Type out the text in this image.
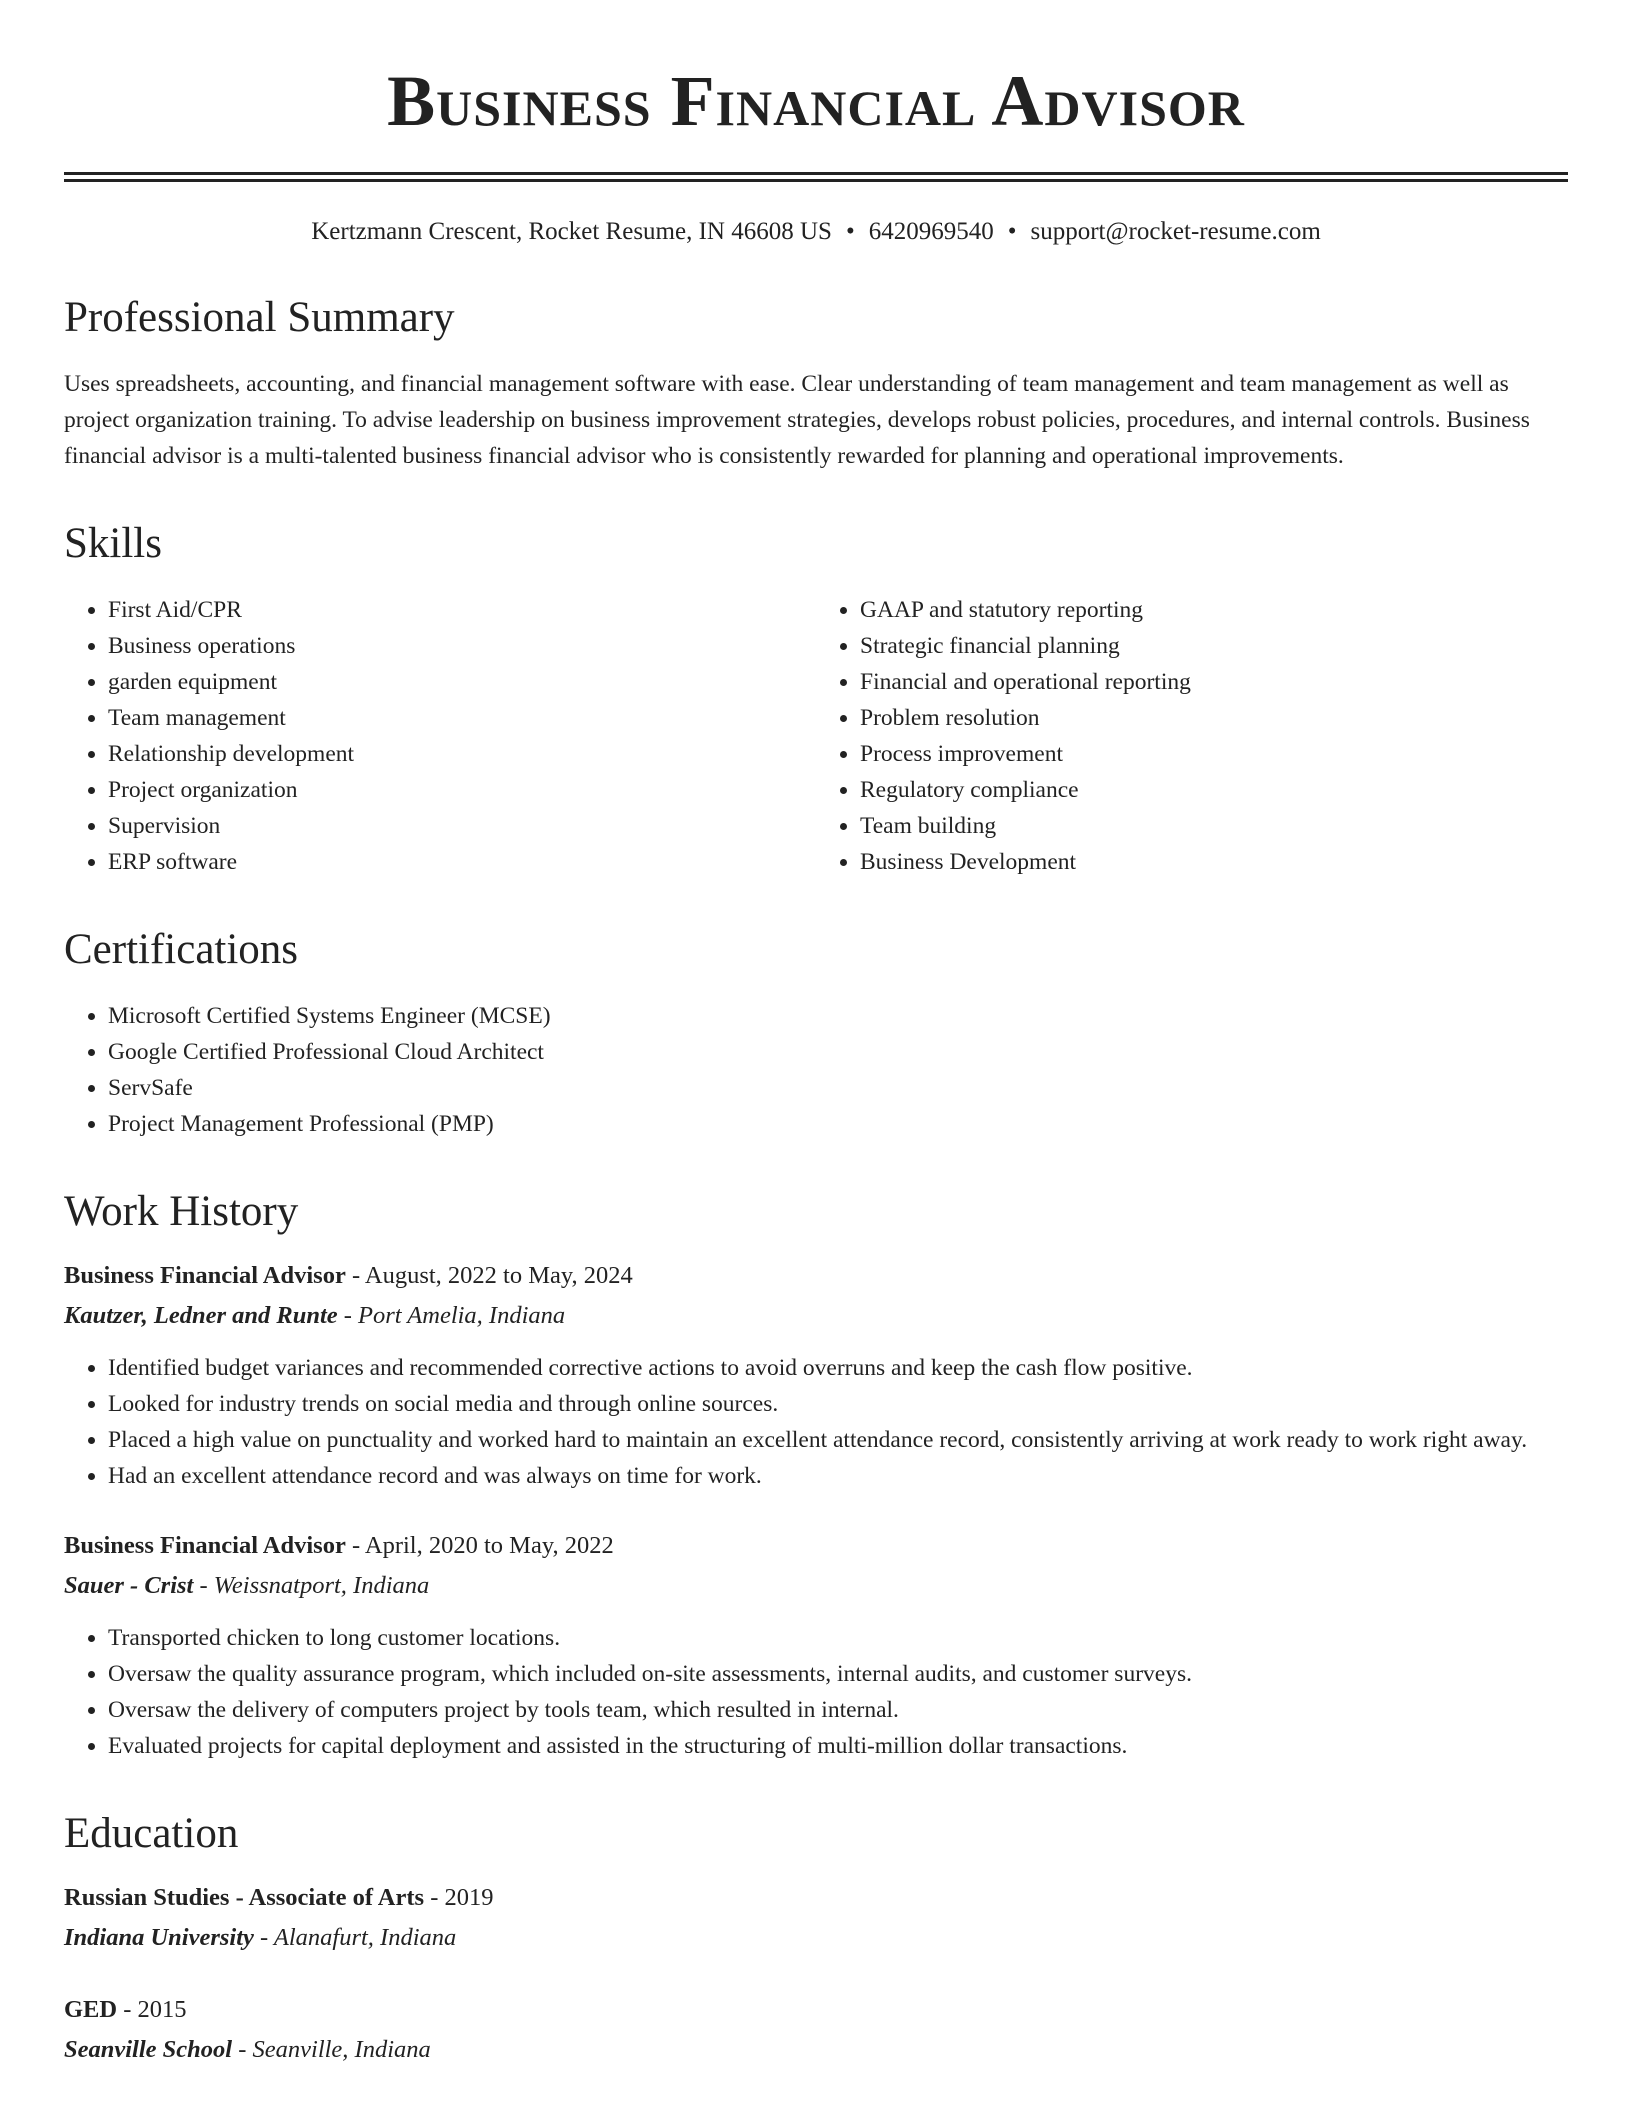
Business Financial Advisor
Kertzmann Crescent, Rocket Resume, IN 46608 US • 6420969540 • support@rocket-resume.com
Professional Summary

Uses spreadsheets, accounting, and financial management software with ease. Clear understanding of team management and team management as well as project organization training. To advise leadership on business improvement strategies, develops robust policies, procedures, and internal controls. Business financial advisor is a multi-talented business financial advisor who is consistently rewarded for planning and operational improvements.

Skills
• First Aid/CPR
• Business operations
• garden equipment
• Team management
• Relationship development
• Project organization
• Supervision
• ERP software
• GAAP and statutory reporting
• Strategic financial planning
• Financial and operational reporting
• Problem resolution
• Process improvement
• Regulatory compliance
• Team building
• Business Development
Certifications
• Microsoft Certified Systems Engineer (MCSE)
• Google Certified Professional Cloud Architect
• ServSafe
• Project Management Professional (PMP)
Work History
Business Financial Advisor - August, 2022 to May, 2024
Kautzer, Ledner and Runte - Port Amelia, Indiana
• Identified budget variances and recommended corrective actions to avoid overruns and keep the cash flow positive.
• Looked for industry trends on social media and through online sources.
• Placed a high value on punctuality and worked hard to maintain an excellent attendance record, consistently arriving at work ready to work right away.
• Had an excellent attendance record and was always on time for work.
Business Financial Advisor - April, 2020 to May, 2022
Sauer - Crist - Weissnatport, Indiana
• Transported chicken to long customer locations.
• Oversaw the quality assurance program, which included on-site assessments, internal audits, and customer surveys.
• Oversaw the delivery of computers project by tools team, which resulted in internal.
• Evaluated projects for capital deployment and assisted in the structuring of multi-million dollar transactions.
Education
Russian Studies - Associate of Arts - 2019
Indiana University - Alanafurt, Indiana
GED - 2015
Seanville School - Seanville, Indiana
